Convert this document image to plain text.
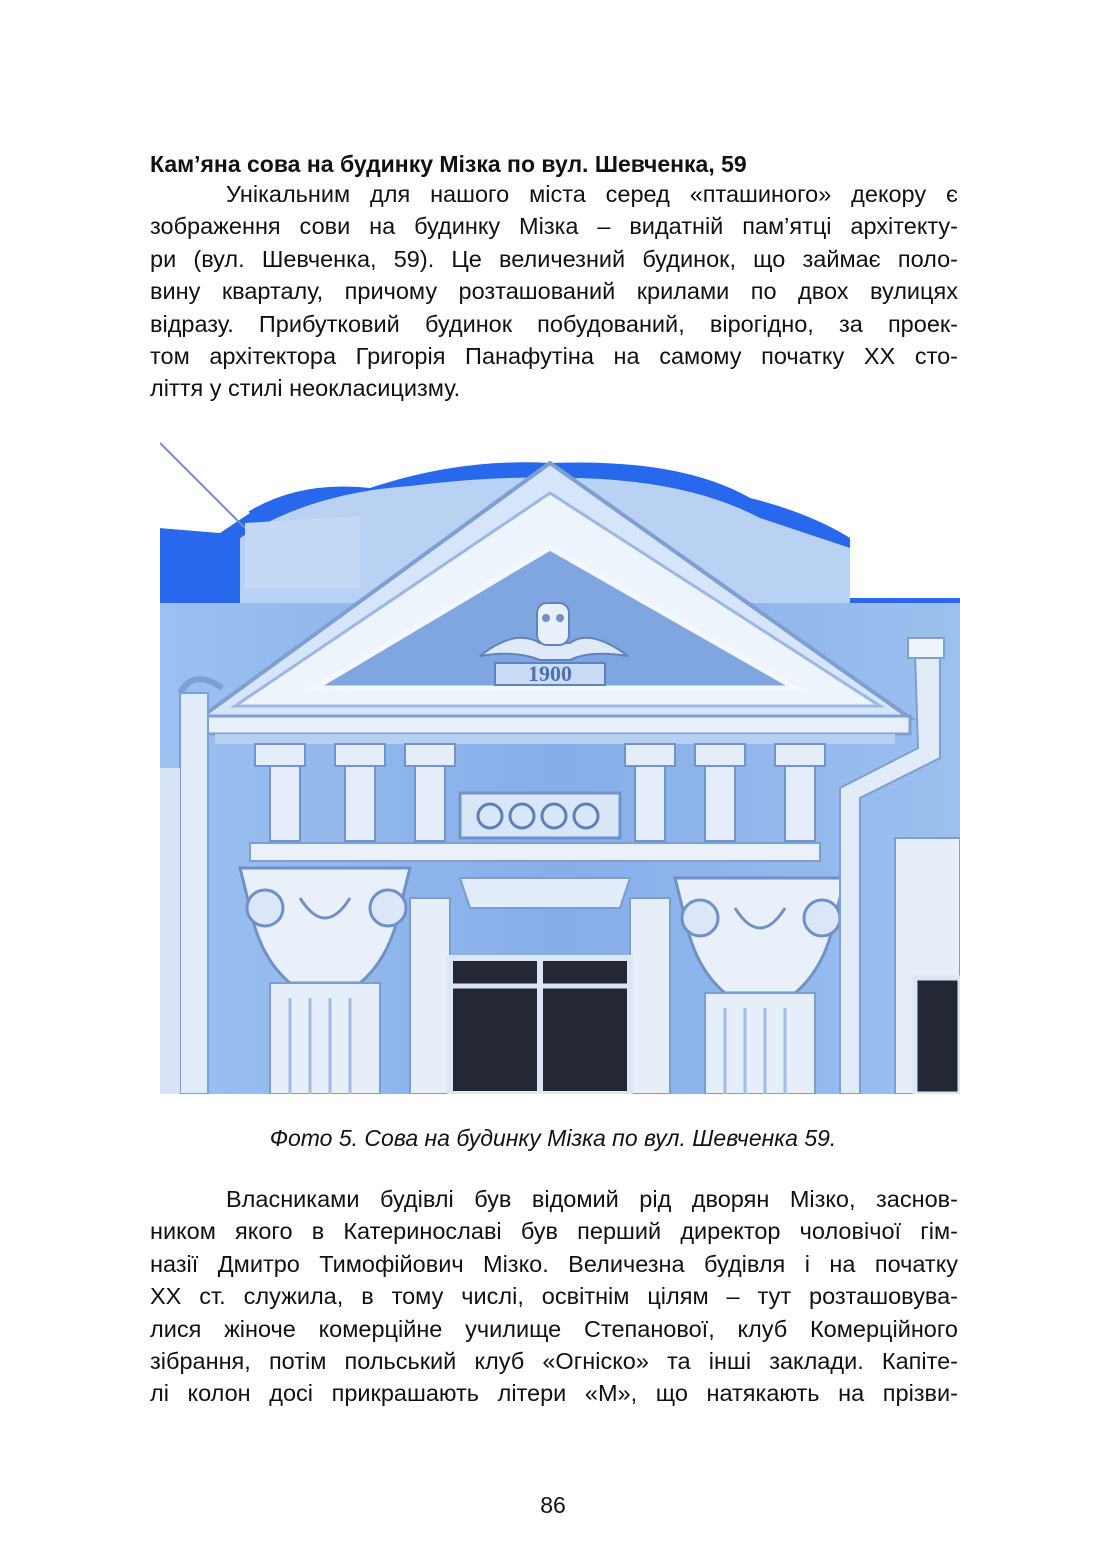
Кам’яна сова на будинку Мізка по вул. Шевченка, 59
Унікальним для нашого міста серед «пташиного» декору є
зображення сови на будинку Мізка – видатній пам’ятці архітекту-
ри (вул. Шевченка, 59). Це величезний будинок, що займає поло-
вину кварталу, причому розташований крилами по двох вулицях
відразу. Прибутковий будинок побудований, вірогідно, за проек-
том архітектора Григорія Панафутіна на самому початку XX сто-
ліття у стилі неокласицизму.
1900
Фото 5. Сова на будинку Мізка по вул. Шевченка 59.
Власниками будівлі був відомий рід дворян Мізко, заснов-
ником якого в Катеринославі був перший директор чоловічої гім-
назії Дмитро Тимофійович Мізко. Величезна будівля і на початку
XX ст. служила, в тому числі, освітнім цілям – тут розташовува-
лися жіноче комерційне училище Степанової, клуб Комерційного
зібрання, потім польський клуб «Огніско» та інші заклади. Капіте-
лі колон досі прикрашають літери «М», що натякають на прізви-
86
